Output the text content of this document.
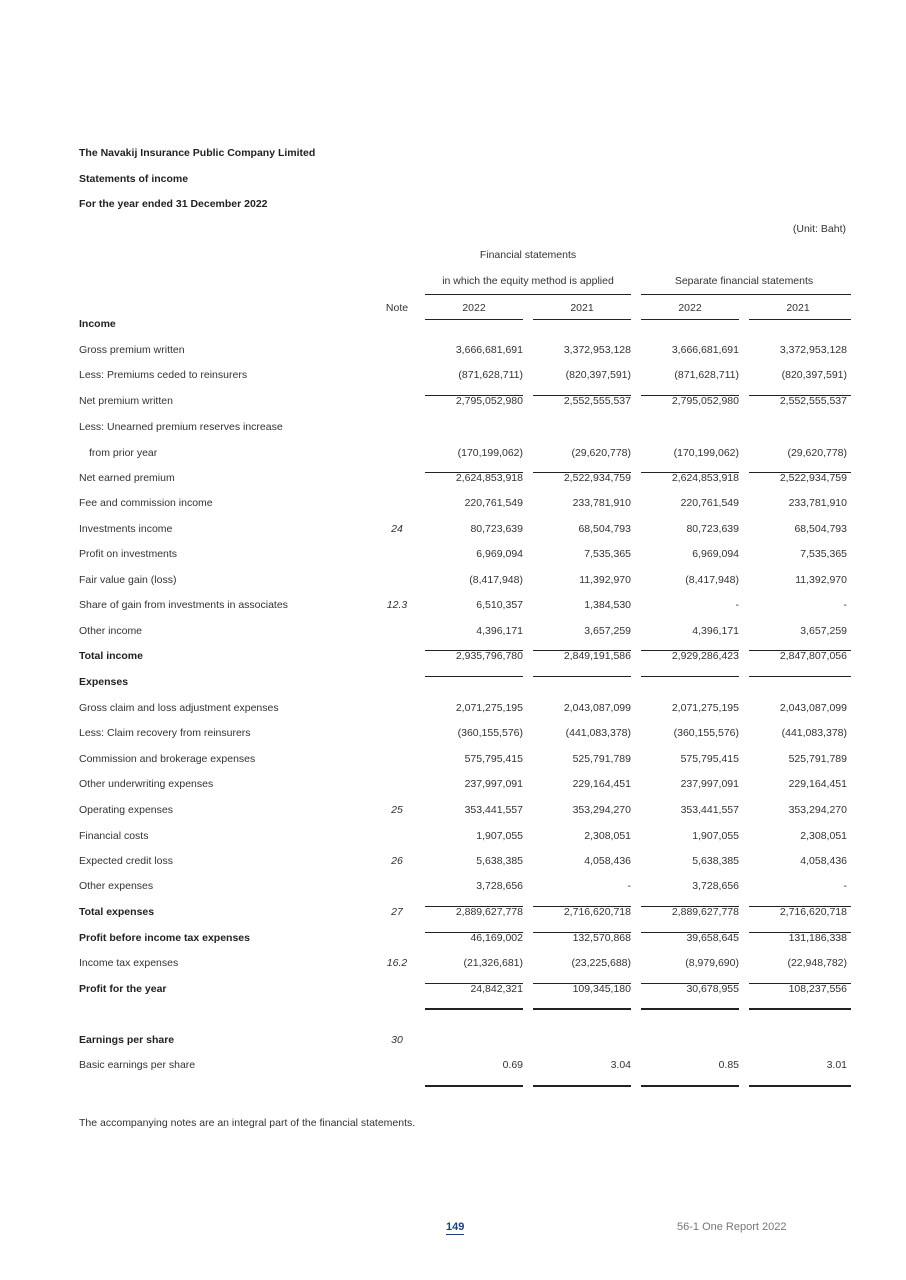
The Navakij Insurance Public Company Limited
Statements of income
For the year ended 31 December 2022
(Unit: Baht)
Financial statements
in which the equity method is applied	Separate financial statements
Note	2022	2021	2022	2021
Income
Gross premium written	3,666,681,691	3,372,953,128	3,666,681,691	3,372,953,128
Less: Premiums ceded to reinsurers	(871,628,711)	(820,397,591)	(871,628,711)	(820,397,591)
Net premium written	2,795,052,980	2,552,555,537	2,795,052,980	2,552,555,537
Less: Unearned premium reserves increase
from prior year	(170,199,062)	(29,620,778)	(170,199,062)	(29,620,778)
Net earned premium	2,624,853,918	2,522,934,759	2,624,853,918	2,522,934,759
Fee and commission income	220,761,549	233,781,910	220,761,549	233,781,910
Investments income	24	80,723,639	68,504,793	80,723,639	68,504,793
Profit on investments	6,969,094	7,535,365	6,969,094	7,535,365
Fair value gain (loss)	(8,417,948)	11,392,970	(8,417,948)	11,392,970
Share of gain from investments in associates	12.3	6,510,357	1,384,530	-	-
Other income	4,396,171	3,657,259	4,396,171	3,657,259
Total income	2,935,796,780	2,849,191,586	2,929,286,423	2,847,807,056
Expenses
Gross claim and loss adjustment expenses	2,071,275,195	2,043,087,099	2,071,275,195	2,043,087,099
Less: Claim recovery from reinsurers	(360,155,576)	(441,083,378)	(360,155,576)	(441,083,378)
Commission and brokerage expenses	575,795,415	525,791,789	575,795,415	525,791,789
Other underwriting expenses	237,997,091	229,164,451	237,997,091	229,164,451
Operating expenses	25	353,441,557	353,294,270	353,441,557	353,294,270
Financial costs	1,907,055	2,308,051	1,907,055	2,308,051
Expected credit loss	26	5,638,385	4,058,436	5,638,385	4,058,436
Other expenses	3,728,656	-	3,728,656	-
Total expenses	27	2,889,627,778	2,716,620,718	2,889,627,778	2,716,620,718
Profit before income tax expenses	46,169,002	132,570,868	39,658,645	131,186,338
Income tax expenses	16.2	(21,326,681)	(23,225,688)	(8,979,690)	(22,948,782)
Profit for the year	24,842,321	109,345,180	30,678,955	108,237,556
Earnings per share	30
Basic earnings per share	0.69	3.04	0.85	3.01
The accompanying notes are an integral part of the financial statements.
149	56-1 One Report 2022
